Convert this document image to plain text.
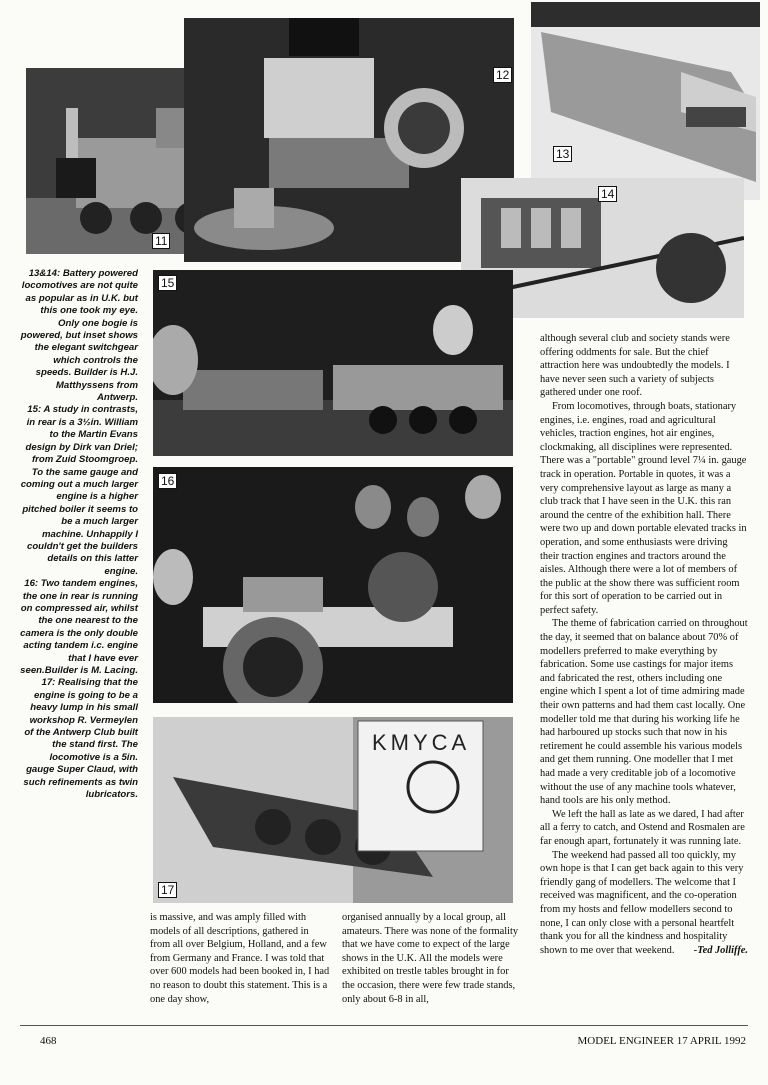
11
12
13
14
15
16
KMYCA
17

13&14: Battery powered locomotives are not quite as popular as in U.K. but this one took my eye. Only one bogie is powered, but inset shows the elegant switchgear which controls the speeds. Builder is H.J. Matthyssens from Antwerp.

15: A study in contrasts, in rear is a 3½in. William to the Martin Evans design by Dirk van Driel; from Zuid Stoomgroep. To the same gauge and coming out a much larger engine is a higher pitched boiler it seems to be a much larger machine. Unhappily I couldn't get the builders details on this latter engine.

16: Two tandem engines, the one in rear is running on compressed air, whilst the one nearest to the camera is the only double acting tandem i.c. engine that I have ever seen.Builder is M. Lacing.

17: Realising that the engine is going to be a heavy lump in his small workshop R. Vermeylen of the Antwerp Club built the stand first. The locomotive is a 5in. gauge Super Claud, with such refinements as twin lubricators.

is massive, and was amply filled with models of all descriptions, gathered in from all over Belgium, Holland, and a few from Germany and France. I was told that over 600 models had been booked in, I had no reason to doubt this statement. This is a one day show,

organised annually by a local group, all amateurs. There was none of the formality that we have come to expect of the large shows in the U.K. All the models were exhibited on trestle tables brought in for the occasion, there were few trade stands, only about 6-8 in all,

although several club and society stands were offering oddments for sale. But the chief attraction here was undoubtedly the models. I have never seen such a variety of subjects gathered under one roof.

From locomotives, through boats, stationary engines, i.e. engines, road and agricultural vehicles, traction engines, hot air engines, clockmaking, all disciplines were represented. There was a "portable" ground level 7¼ in. gauge track in operation. Portable in quotes, it was a very comprehensive layout as large as many a club track that I have seen in the U.K. this ran around the centre of the exhibition hall. There were two up and down portable elevated tracks in operation, and some enthusiasts were driving their traction engines and tractors around the aisles. Although there were a lot of members of the public at the show there was sufficient room for this sort of operation to be carried out in perfect safety.

The theme of fabrication carried on throughout the day, it seemed that on balance about 70% of modellers preferred to make everything by fabrication. Some use castings for major items and fabricated the rest, others including one engine which I spent a lot of time admiring made their own patterns and had them cast locally. One modeller told me that during his working life he had harboured up stocks such that now in his retirement he could assemble his various models and get them running. One modeller that I met had made a very creditable job of a locomotive without the use of any machine tools whatever, hand tools are his only method.

We left the hall as late as we dared, I had after all a ferry to catch, and Ostend and Rosmalen are far enough apart, fortunately it was running late.

The weekend had passed all too quickly, my own hope is that I can get back again to this very friendly gang of modellers. The welcome that I received was magnificent, and the co-operation from my hosts and fellow modellers second to none, I can only close with a personal heartfelt thank you for all the kindness and hospitality shown to me over that weekend.	-Ted Jolliffe.

468	MODEL ENGINEER 17 APRIL 1992
